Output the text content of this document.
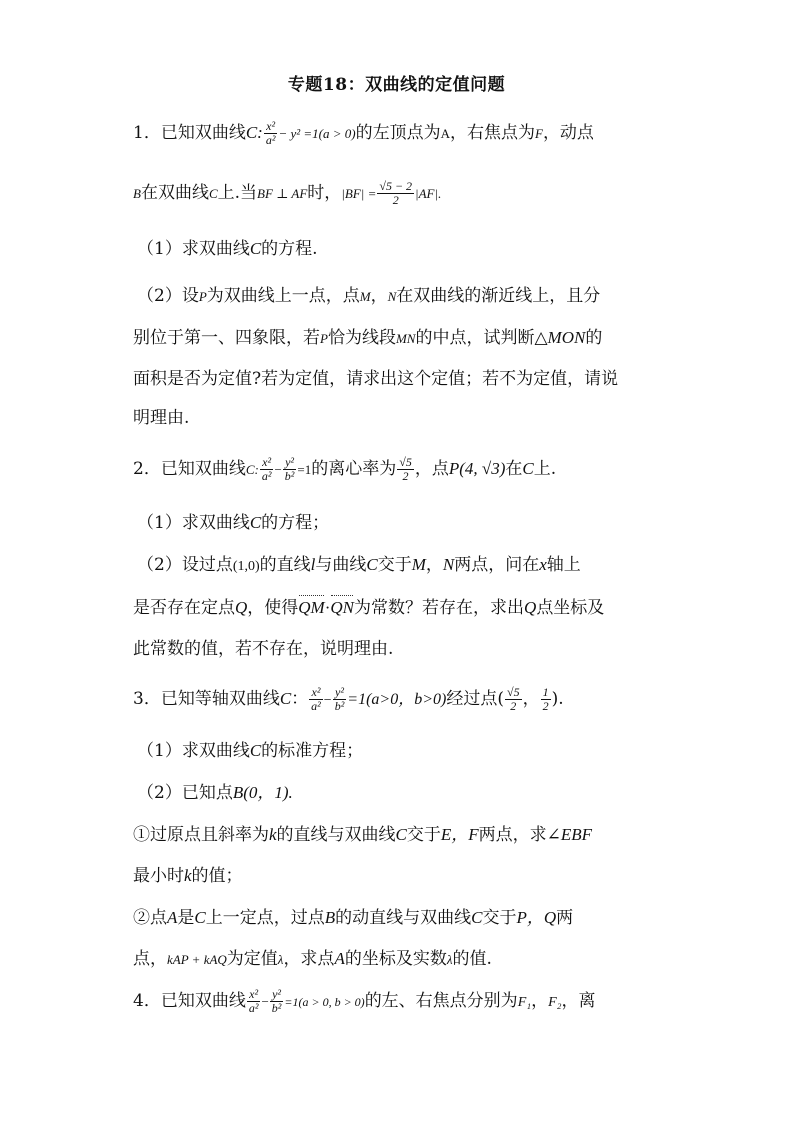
专题18：双曲线的定值问题
1．已知双曲线C: $\frac{\text{x²}}{\text{a²}} - y^2 =1(a > 0)$的左顶点为A，右焦点为F，动点
B在双曲线C上.当BF ⊥ AF时，$|BF| = \frac{√5 - 2}{2} |AF|$.
（1）求双曲线C的方程.
（2）设P为双曲线上一点，点M，N在双曲线的渐近线上，且分
别位于第一、四象限，若P恰为线段MN的中点，试判断△MON的
面积是否为定值?若为定值，请求出这个定值；若不为定值，请说
明理由.
2．已知双曲线C: $\frac{\text{x²}}{\text{a²}} - \frac{\text{y²}}{\text{b²}} =1$的离心率为 $\frac{√5}{2}$ ，点P(4, √3)在C上.
（1）求双曲线C的方程；
（2）设过点(1,0)的直线l与曲线C交于M，N两点，问在x轴上
是否存在定点Q，使得QM·QN为常数？若存在，求出Q点坐标及
此常数的值，若不存在，说明理由.
3．已知等轴双曲线C： $\frac{\text{x²}}{\text{a²}} - \frac{\text{y²}}{\text{b²}} =1(a>0$，b>0)经过点( $\frac{√5}{2}$ ， $\frac{1}{2}$ ).
（1）求双曲线C的标准方程；
（2）已知点B(0，1).
①过原点且斜率为k的直线与双曲线C交于E，F两点，求∠EBF
最小时k的值；
②点A是C上一定点，过点B的动直线与双曲线C交于P，Q两
点，kAP + kAQ为定值λ，求点A的坐标及实数λ的值.
4．已知双曲线 $\frac{\text{x²}}{\text{a²}} - \frac{\text{y²}}{\text{b²}} =1(a > 0$, b > 0)的左、右焦点分别为F₁，F₂，离
